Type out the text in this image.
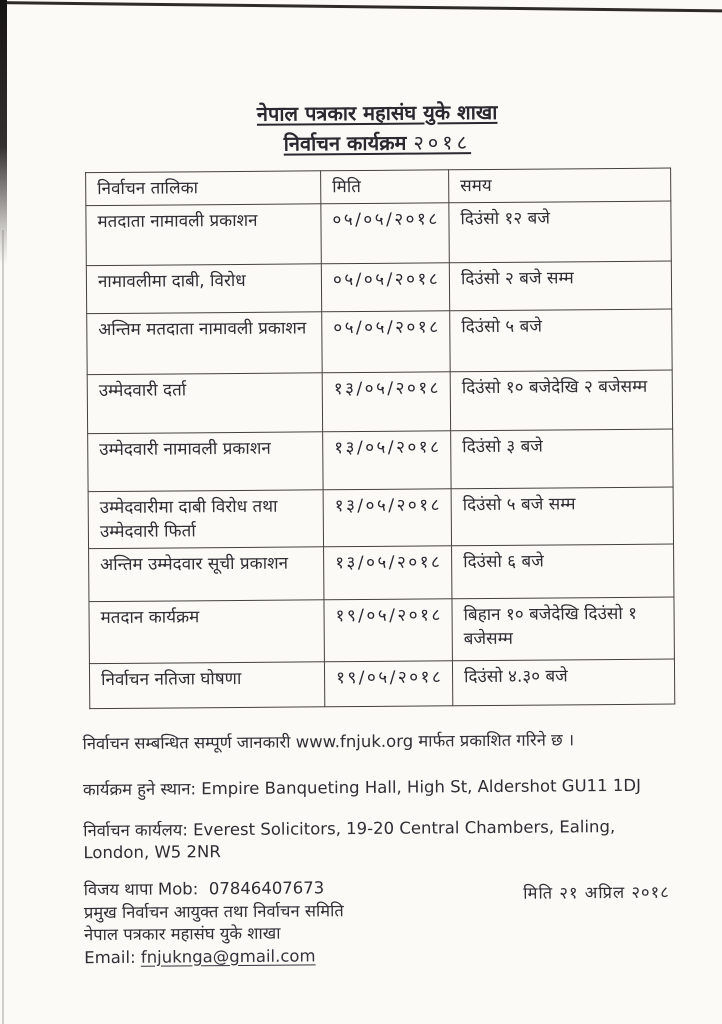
नेपाल पत्रकार महासंघ युके शाखा
निर्वाचन कार्यक्रम २०१८
निर्वाचन तालिका	मिति	समय
मतदाता नामावली प्रकाशन	०५/०५/२०१८	दिउंसो १२ बजे
नामावलीमा दाबी, विरोध	०५/०५/२०१८	दिउंसो २ बजे सम्म
अन्तिम मतदाता नामावली प्रकाशन	०५/०५/२०१८	दिउंसो ५ बजे
उम्मेदवारी दर्ता	१३/०५/२०१८	दिउंसो १० बजेदेखि २ बजेसम्म
उम्मेदवारी नामावली प्रकाशन	१३/०५/२०१८	दिउंसो ३ बजे
उम्मेदवारीमा दाबी विरोध तथा उम्मेदवारी फिर्ता	१३/०५/२०१८	दिउंसो ५ बजे सम्म
अन्तिम उम्मेदवार सूची प्रकाशन	१३/०५/२०१८	दिउंसो ६ बजे
मतदान कार्यक्रम	१९/०५/२०१८	बिहान १० बजेदेखि दिउंसो १ बजेसम्म
निर्वाचन नतिजा घोषणा	१९/०५/२०१८	दिउंसो ४.३० बजे

निर्वाचन सम्बन्धित सम्पूर्ण जानकारी www.fnjuk.org मार्फत प्रकाशित गरिने छ ।

कार्यक्रम हुने स्थान: Empire Banqueting Hall, High St, Aldershot GU11 1DJ

निर्वाचन कार्यलय: Everest Solicitors, 19-20 Central Chambers, Ealing, London, W5 2NR

विजय थापा Mob:  07846407673

प्रमुख निर्वाचन आयुक्त तथा निर्वाचन समिति

नेपाल पत्रकार महासंघ युके शाखा

Email: fnjuknga@gmail.com

मिति २१ अप्रिल २०१८
